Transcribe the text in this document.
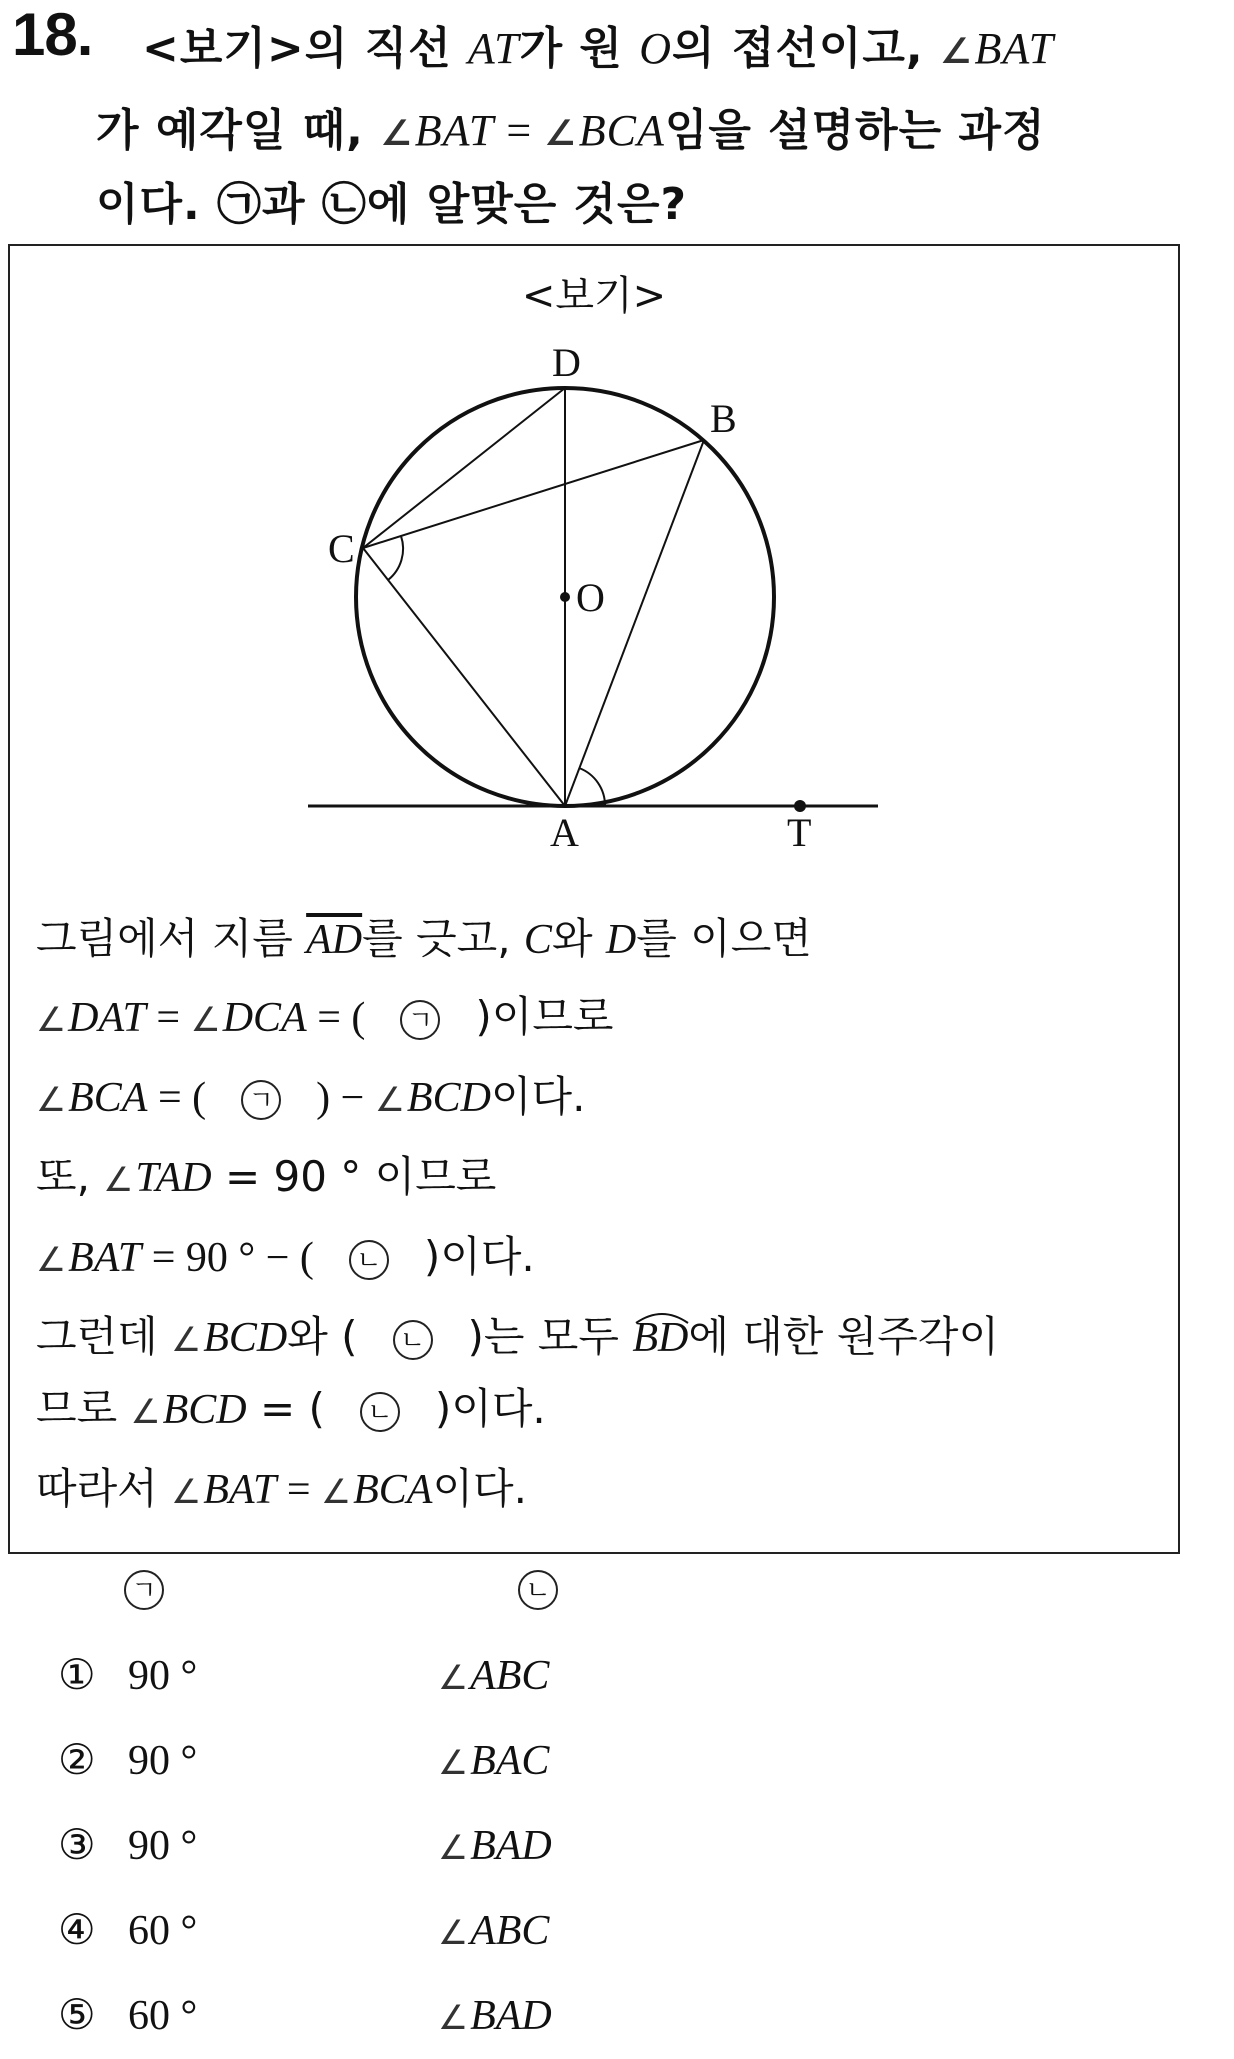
18. <보기>의 직선 AT가 원 O의 접선이고, ∠BAT
가 예각일 때, ∠BAT = ∠BCA임을 설명하는 과정
이다. ㉠과 ㉡에 알맞은 것은?
<보기>
D
B
C
O
A	T
그림에서 지름 $\overline{AD}$를 긋고, C와 D를 이으면
∠DAT = ∠DCA = ( ㄱ )이므로
∠BCA = ( ㄱ ) − ∠BCD이다.
또, ∠TAD = 90 ° 이므로
∠BAT = 90 ° − ( ㄴ )이다.
그런데 ∠BCD와 ( ㄴ )는 모두 BD
에 대한 원주각이
므로 ∠BCD = ( ㄴ )이다.
따라서 ∠BAT = ∠BCA이다.
ㄱ	ㄴ
① 90 °	∠ABC
② 90 °	∠BAC
③ 90 °	∠BAD
④ 60 °	∠ABC
⑤ 60 °	∠BAD
